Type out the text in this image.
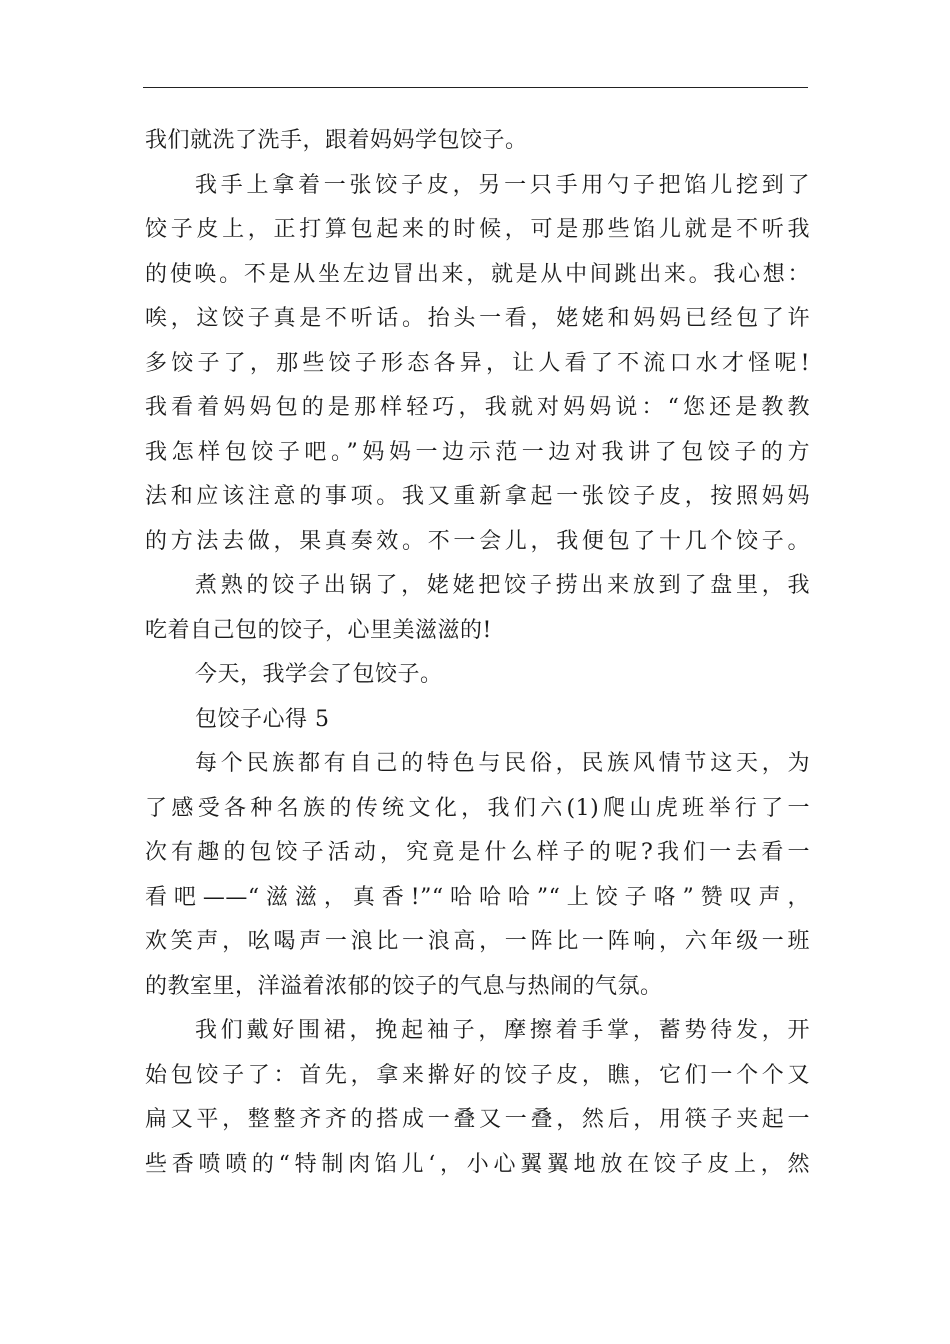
我们就洗了洗手，跟着妈妈学包饺子。
我手上拿着一张饺子皮，另一只手用勺子把馅儿挖到了
饺子皮上，正打算包起来的时候，可是那些馅儿就是不听我
的使唤。不是从坐左边冒出来，就是从中间跳出来。我心想：
唉，这饺子真是不听话。抬头一看，姥姥和妈妈已经包了许
多饺子了，那些饺子形态各异，让人看了不流口水才怪呢!
我看着妈妈包的是那样轻巧，我就对妈妈说：“您还是教教
我怎样包饺子吧。”妈妈一边示范一边对我讲了包饺子的方
法和应该注意的事项。我又重新拿起一张饺子皮，按照妈妈
的方法去做，果真奏效。不一会儿，我便包了十几个饺子。
煮熟的饺子出锅了，姥姥把饺子捞出来放到了盘里，我
吃着自己包的饺子，心里美滋滋的!
今天，我学会了包饺子。
包饺子心得 5
每个民族都有自己的特色与民俗，民族风情节这天，为
了感受各种名族的传统文化，我们六(1)爬山虎班举行了一
次有趣的包饺子活动，究竟是什么样子的呢?我们一去看一
看吧——“滋滋，真香!”“哈哈哈”“上饺子咯”赞叹声，
欢笑声，吆喝声一浪比一浪高，一阵比一阵响，六年级一班
的教室里，洋溢着浓郁的饺子的气息与热闹的气氛。
我们戴好围裙，挽起袖子，摩擦着手掌，蓄势待发，开
始包饺子了：首先，拿来擀好的饺子皮，瞧，它们一个个又
扁又平，整整齐齐的搭成一叠又一叠，然后，用筷子夹起一
些香喷喷的“特制肉馅儿‘，小心翼翼地放在饺子皮上，然
